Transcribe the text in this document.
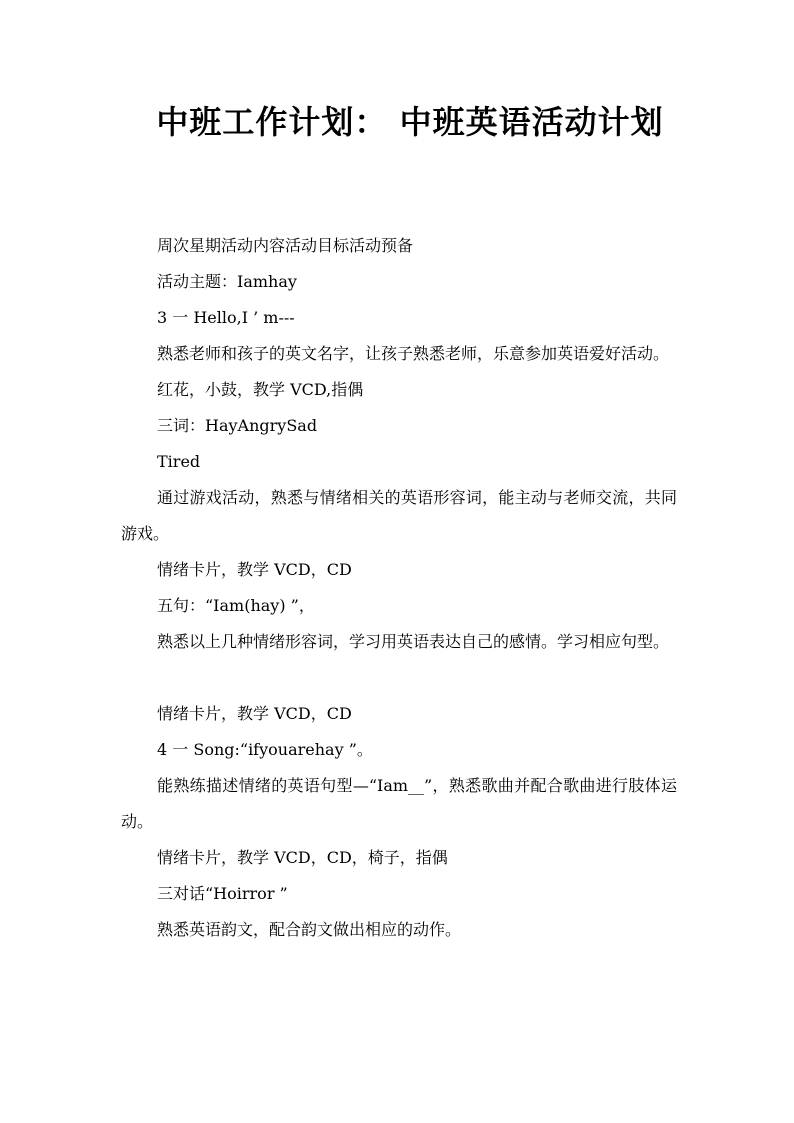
中班工作计划： 中班英语活动计划

周次星期活动内容活动目标活动预备

活动主题：Iamhay

3 一 Hello,I ’ m---

熟悉老师和孩子的英文名字，让孩子熟悉老师，乐意参加英语爱好活动。

红花，小鼓，教学 VCD,指偶

三词：HayAngrySad

Tired

通过游戏活动，熟悉与情绪相关的英语形容词，能主动与老师交流，共同游戏。

情绪卡片，教学 VCD，CD

五句：“Iam(hay) ”，

熟悉以上几种情绪形容词，学习用英语表达自己的感情。学习相应句型。

情绪卡片，教学 VCD，CD

4 一 Song:“ifyouarehay ”。

能熟练描述情绪的英语句型—“Iam__”，熟悉歌曲并配合歌曲进行肢体运动。

情绪卡片，教学 VCD，CD，椅子，指偶

三对话“Hoirror ”

熟悉英语韵文，配合韵文做出相应的动作。
